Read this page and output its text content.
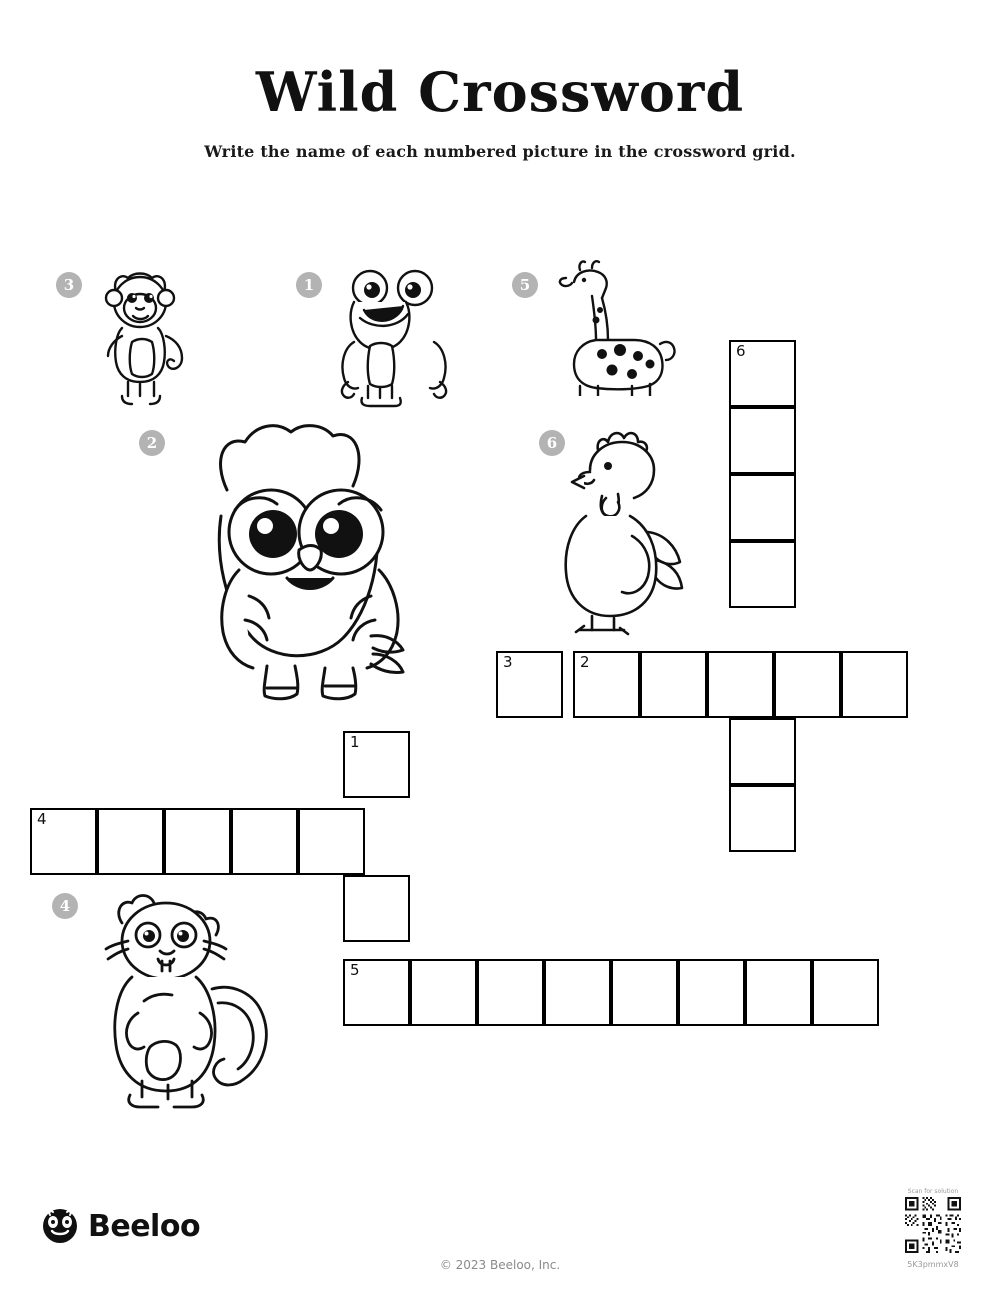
Wild Crossword
Write the name of each numbered picture in the crossword grid.
3	1	5
2	6
4
6
3	2
1
4
5
Beeloo
© 2023 Beeloo, Inc.
Scan for solution
5K3pmmxV8
